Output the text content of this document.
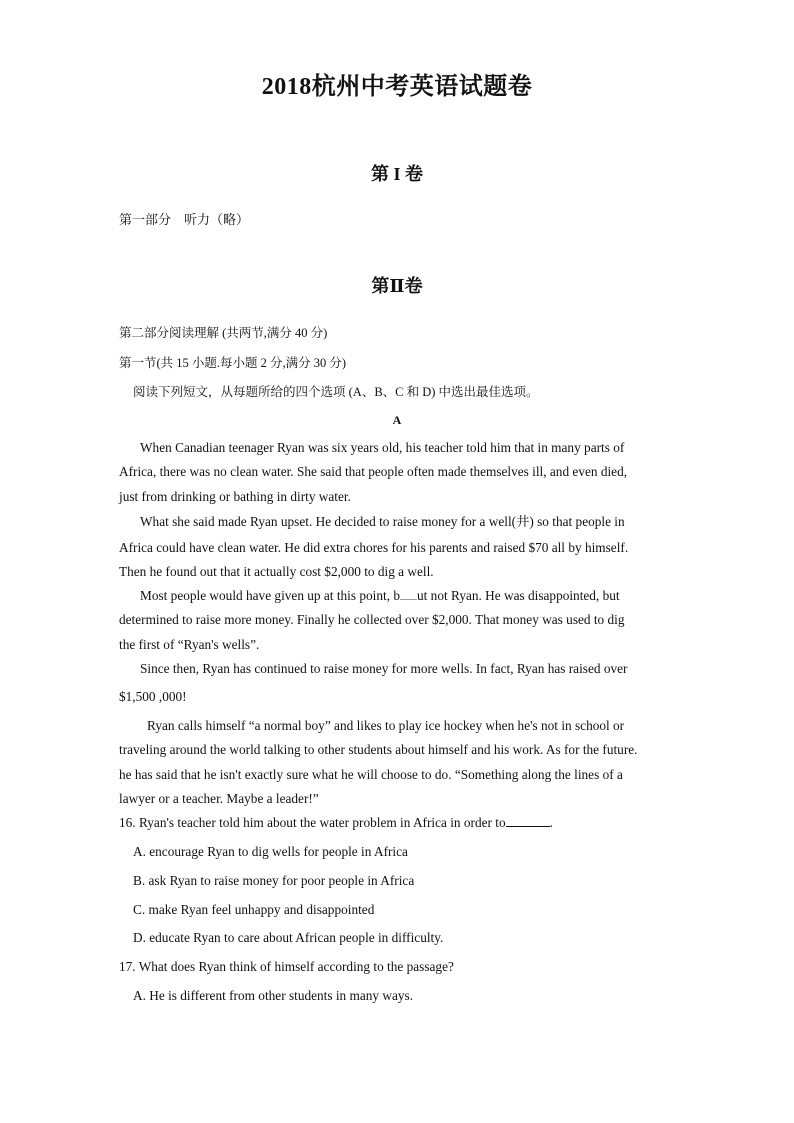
2018杭州中考英语试题卷
第 I 卷
第一部分　听力（略）
第Ⅱ卷
第二部分阅读理解 (共两节,满分 40 分)
第一节(共 15 小题.每小题 2 分,满分 30 分)
阅读下列短文，从每题所给的四个选项 (A、B、C 和 D) 中选出最佳选项。
A
When Canadian teenager Ryan was six years old, his teacher told him that in many parts of
Africa, there was no clean water. She said that people often made themselves ill, and even died,
just from drinking or bathing in dirty water.
What she said made Ryan upset. He decided to raise money for a well(井) so that people in
Africa could have clean water. He did extra chores for his parents and raised $70 all by himself.
Then he found out that it actually cost $2,000 to dig a well.
Most people would have given up at this point, b ut not Ryan. He was disappointed, but
determined to raise more money. Finally he collected over $2,000. That money was used to dig
the first of “Ryan's wells”.
Since then, Ryan has continued to raise money for more wells. In fact, Ryan has raised over
$1,500 ,000!
Ryan calls himself “a normal boy” and likes to play ice hockey when he's not in school or
traveling around the world talking to other students about himself and his work. As for the future.
he has said that he isn't exactly sure what he will choose to do. “Something along the lines of a
lawyer or a teacher. Maybe a leader!”
16. Ryan's teacher told him about the water problem in Africa in order to	.
A. encourage Ryan to dig wells for people in Africa
B. ask Ryan to raise money for poor people in Africa
C. make Ryan feel unhappy and disappointed
D. educate Ryan to care about African people in difficulty.
17. What does Ryan think of himself according to the passage?
A. He is different from other students in many ways.
